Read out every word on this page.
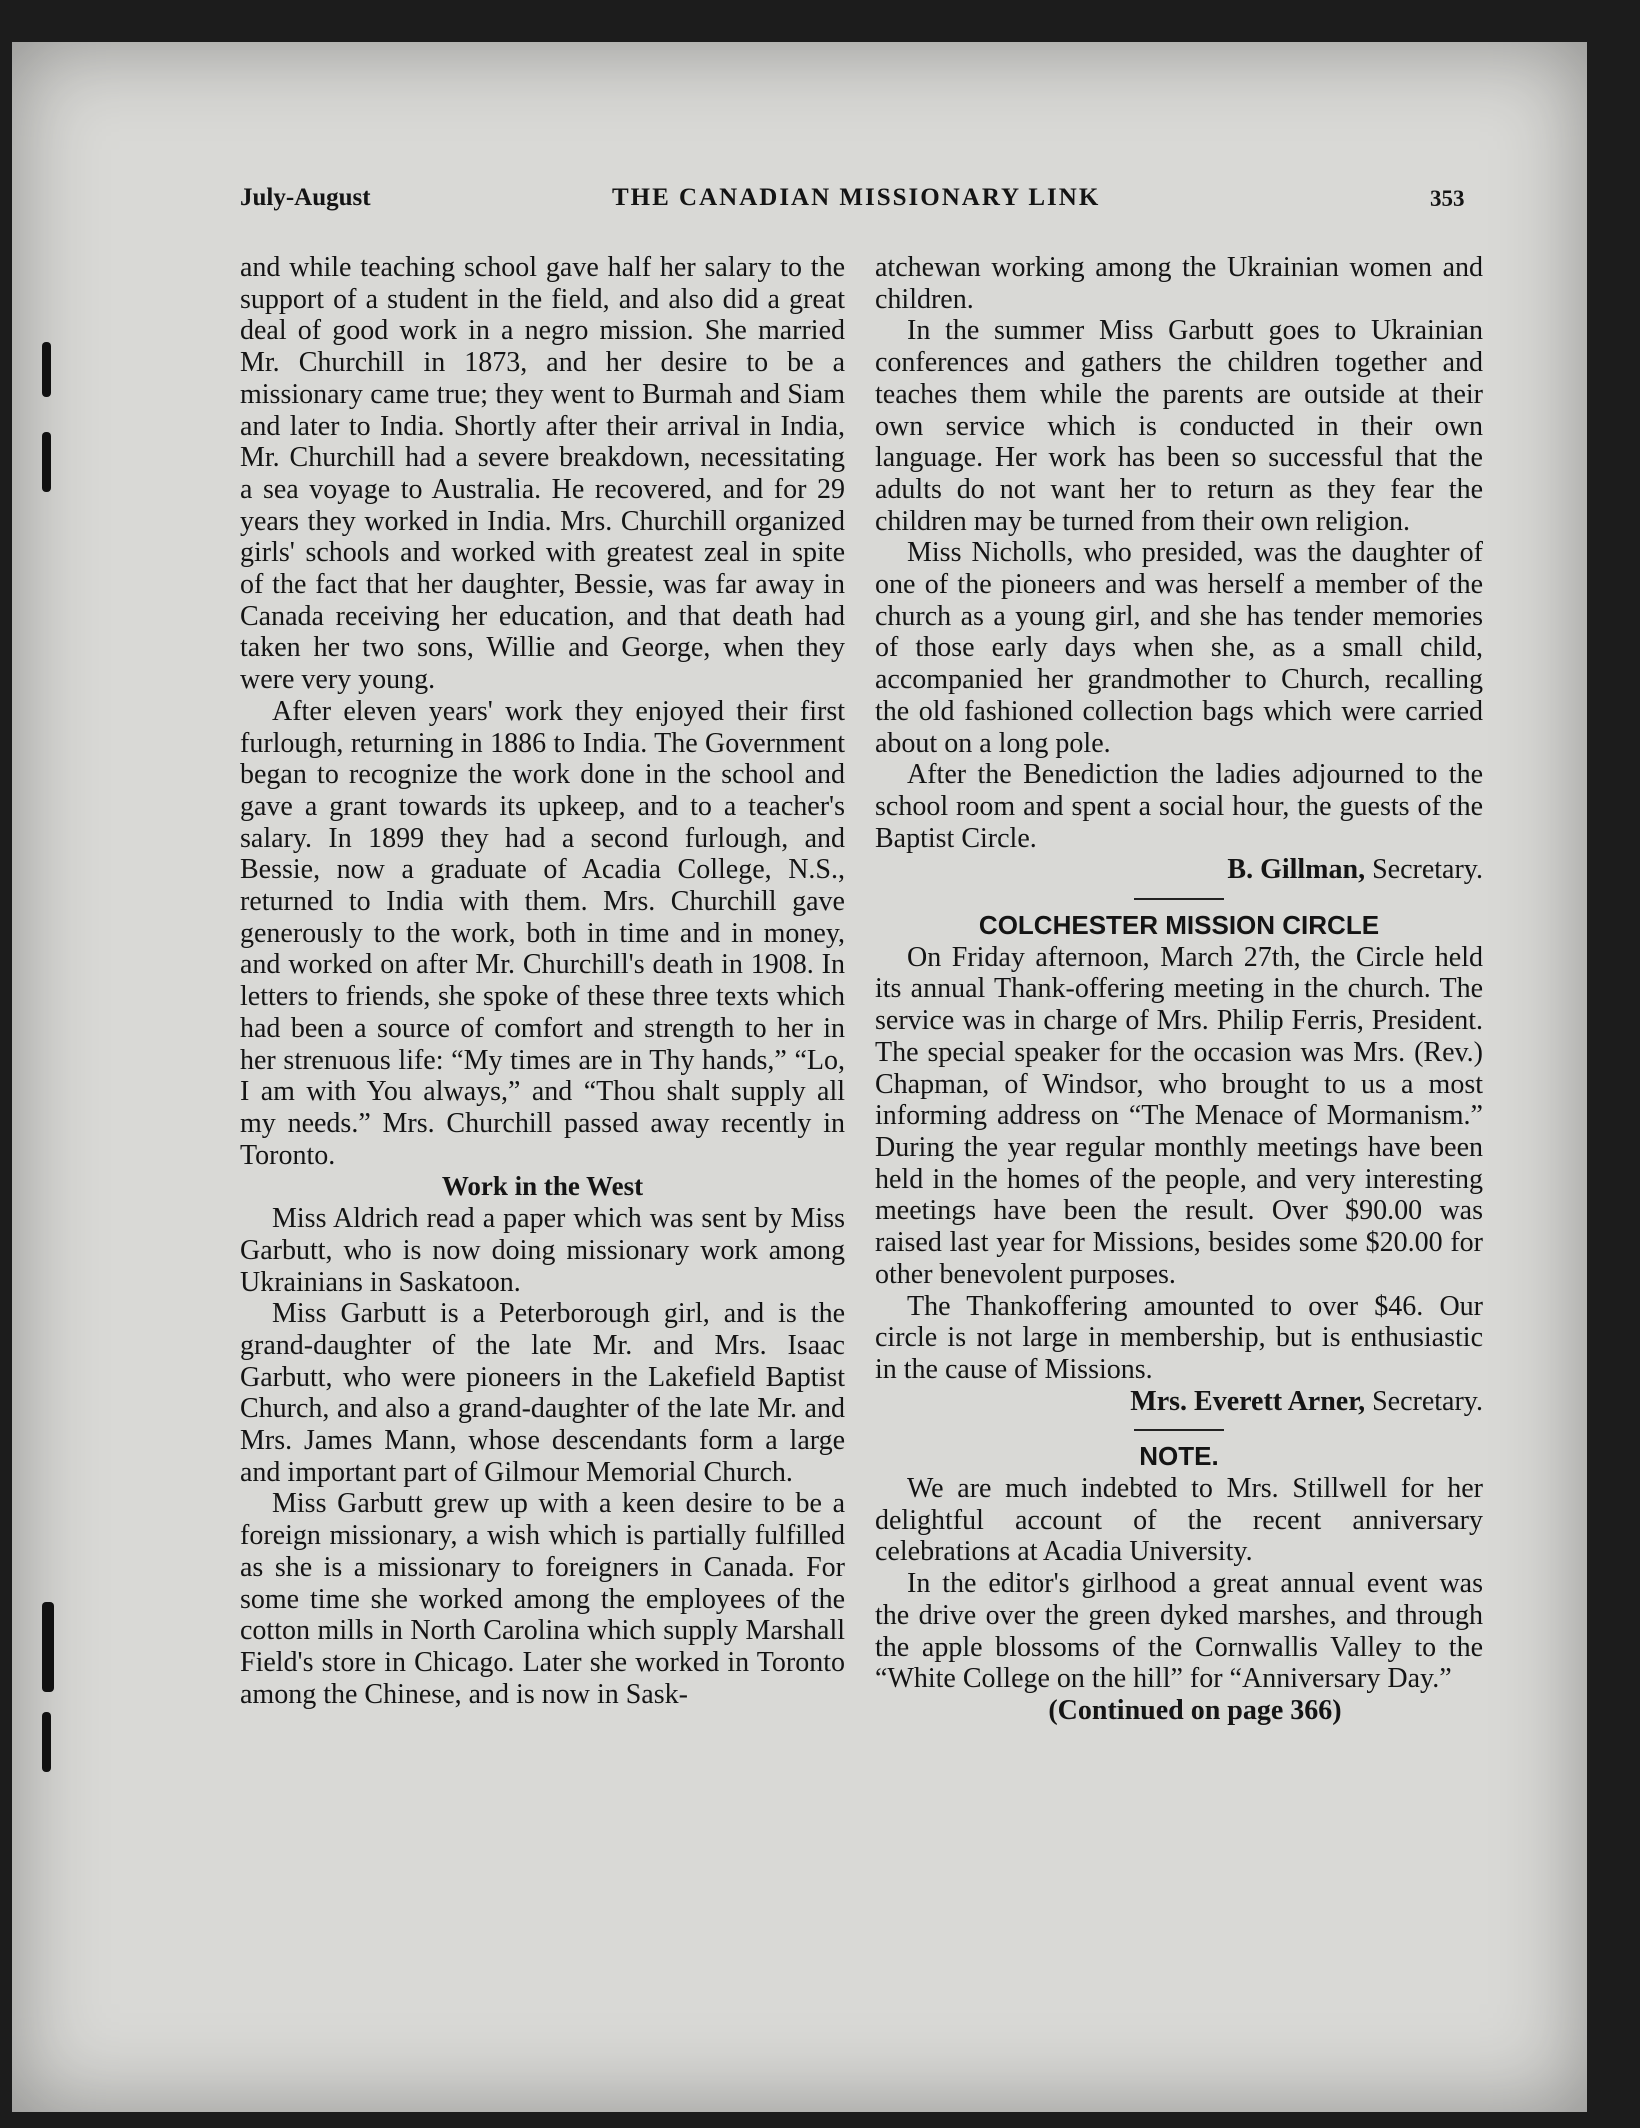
July-August	THE CANADIAN MISSIONARY LINK	353

and while teaching school gave half her salary to the support of a student in the field, and also did a great deal of good work in a negro mission. She married Mr. Churchill in 1873, and her desire to be a missionary came true; they went to Burmah and Siam and later to India. Shortly after their arrival in India, Mr. Churchill had a severe breakdown, necessitating a sea voyage to Australia. He recovered, and for 29 years they worked in India. Mrs. Churchill organized girls' schools and worked with greatest zeal in spite of the fact that her daughter, Bessie, was far away in Canada receiving her education, and that death had taken her two sons, Willie and George, when they were very young.

After eleven years' work they enjoyed their first furlough, returning in 1886 to India. The Government began to recognize the work done in the school and gave a grant towards its upkeep, and to a teacher's salary. In 1899 they had a second furlough, and Bessie, now a graduate of Acadia College, N.S., returned to India with them. Mrs. Churchill gave generously to the work, both in time and in money, and worked on after Mr. Churchill's death in 1908. In letters to friends, she spoke of these three texts which had been a source of comfort and strength to her in her strenuous life: “My times are in Thy hands,” “Lo, I am with You always,” and “Thou shalt supply all my needs.” Mrs. Churchill passed away recently in Toronto.

Work in the West

Miss Aldrich read a paper which was sent by Miss Garbutt, who is now doing missionary work among Ukrainians in Saskatoon.

Miss Garbutt is a Peterborough girl, and is the grand-daughter of the late Mr. and Mrs. Isaac Garbutt, who were pioneers in the Lakefield Baptist Church, and also a grand-daughter of the late Mr. and Mrs. James Mann, whose descendants form a large and important part of Gilmour Memorial Church.

Miss Garbutt grew up with a keen desire to be a foreign missionary, a wish which is partially fulfilled as she is a missionary to foreigners in Canada. For some time she worked among the employees of the cotton mills in North Carolina which supply Marshall Field's store in Chicago. Later she worked in Toronto among the Chinese, and is now in Sask-

atchewan working among the Ukrainian women and children.

In the summer Miss Garbutt goes to Ukrainian conferences and gathers the children together and teaches them while the parents are outside at their own service which is conducted in their own language. Her work has been so successful that the adults do not want her to return as they fear the children may be turned from their own religion.

Miss Nicholls, who presided, was the daughter of one of the pioneers and was herself a member of the church as a young girl, and she has tender memories of those early days when she, as a small child, accompanied her grandmother to Church, recalling the old fashioned collection bags which were carried about on a long pole.

After the Benediction the ladies adjourned to the school room and spent a social hour, the guests of the Baptist Circle.

B. Gillman, Secretary.

COLCHESTER MISSION CIRCLE

On Friday afternoon, March 27th, the Circle held its annual Thank-offering meeting in the church. The service was in charge of Mrs. Philip Ferris, President. The special speaker for the occasion was Mrs. (Rev.) Chapman, of Windsor, who brought to us a most informing address on “The Menace of Mormanism.” During the year regular monthly meetings have been held in the homes of the people, and very interesting meetings have been the result. Over $90.00 was raised last year for Missions, besides some $20.00 for other benevolent purposes.

The Thankoffering amounted to over $46. Our circle is not large in membership, but is enthusiastic in the cause of Missions.

Mrs. Everett Arner, Secretary.

NOTE.

We are much indebted to Mrs. Stillwell for her delightful account of the recent anniversary celebrations at Acadia University.

In the editor's girlhood a great annual event was the drive over the green dyked marshes, and through the apple blossoms of the Cornwallis Valley to the “White College on the hill” for “Anniversary Day.”

(Continued on page 366)
